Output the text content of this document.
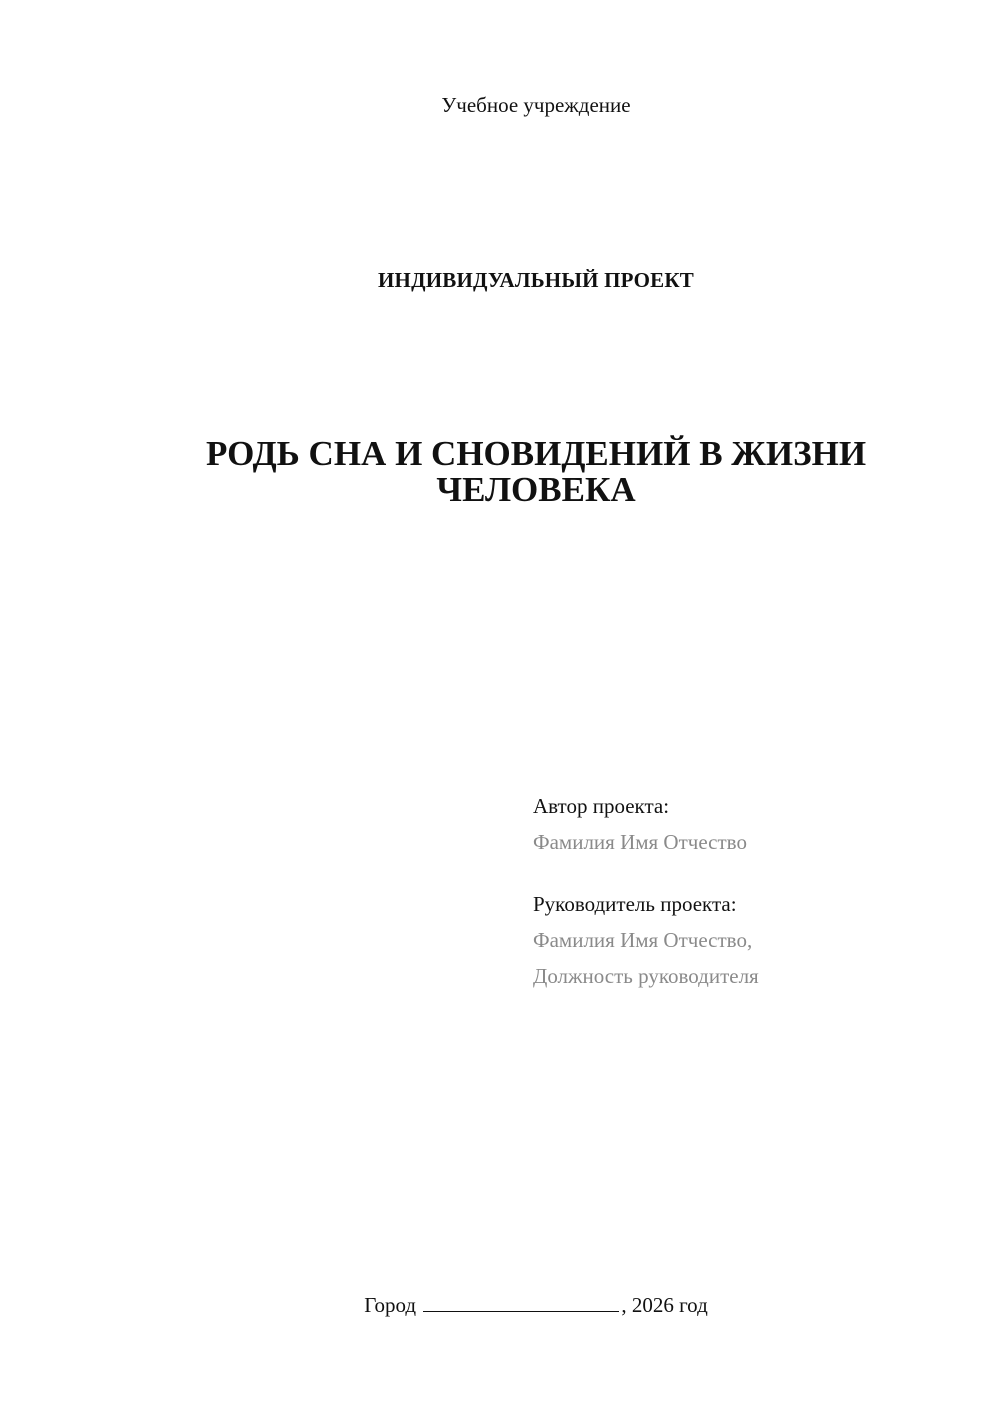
Учебное учреждение
ИНДИВИДУАЛЬНЫЙ ПРОЕКТ
РОДЬ СНА И СНОВИДЕНИЙ В ЖИЗНИ
ЧЕЛОВЕКА
Автор проекта:
Фамилия Имя Отчество
Руководитель проекта:
Фамилия Имя Отчество,
Должность руководителя
Город	, 2026 год
